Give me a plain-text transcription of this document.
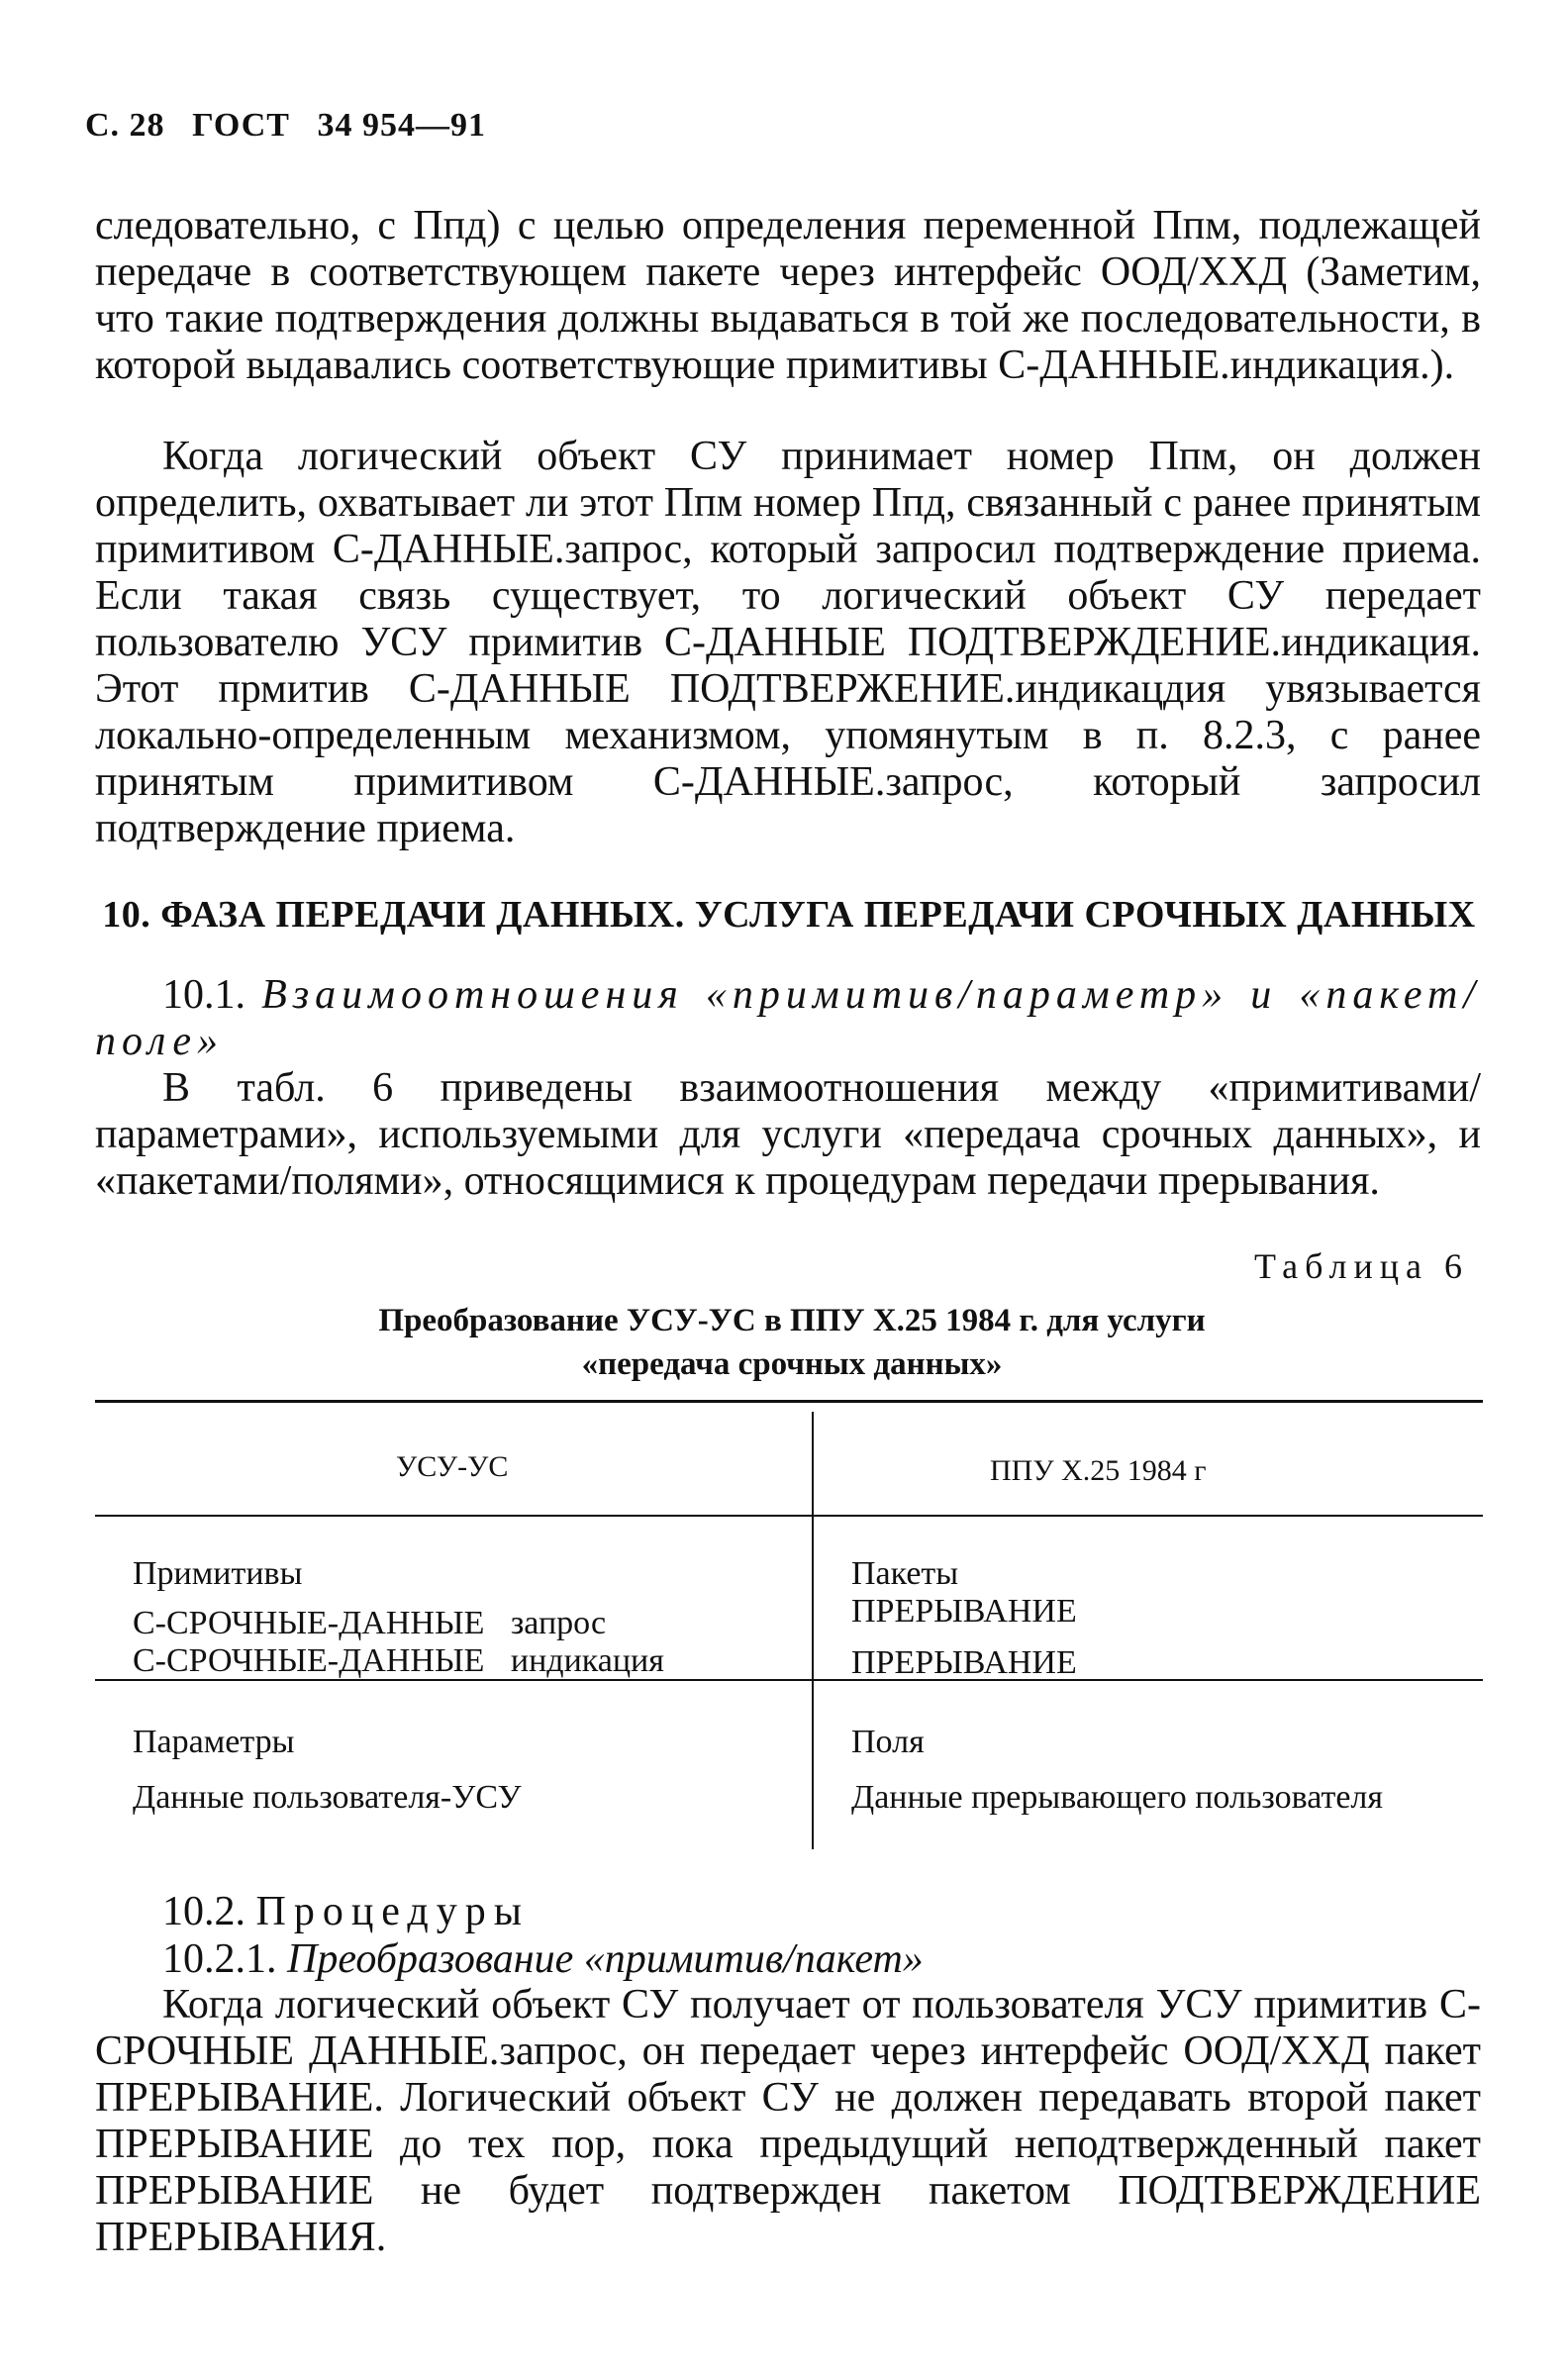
С. 28 ГОСТ 34 954—91
следовательно, с Ппд) с целью определения переменной Ппм, подлежащей передаче в соответствующем пакете через интерфейс ООД/ХХД (Заметим, что такие подтверждения должны выдаваться в той же последовательности, в которой выдавались соответствующие примитивы С-ДАННЫЕ.индикация.).
Когда логический объект СУ принимает номер Ппм, он должен определить, охватывает ли этот Ппм номер Ппд, связанный с ранее принятым примитивом С-ДАННЫЕ.запрос, который запросил подтверждение приема. Если такая связь существует, то логический объект СУ передает пользователю УСУ примитив С-ДАННЫЕ ПОДТВЕРЖДЕНИЕ.индикация. Этот прмитив С-ДАННЫЕ ПОДТВЕРЖЕНИЕ.индикацдия увязывается локально-определенным механизмом, упомянутым в п. 8.2.3, с ранее принятым примитивом С-ДАННЫЕ.запрос, который запросил подтверждение приема.
10. ФАЗА ПЕРЕДАЧИ ДАННЫХ. УСЛУГА ПЕРЕДАЧИ СРОЧНЫХ ДАННЫХ
10.1. Взаимоотношения «примитив/параметр» и «пакет/поле»
В табл. 6 приведены взаимоотношения между «примитивами/параметрами», используемыми для услуги «передача срочных данных», и «пакетами/полями», относящимися к процедурам передачи прерывания.
Таблица 6
Преобразование УСУ-УС в ППУ Х.25 1984 г. для услуги
«передача срочных данных»
УСУ-УС	ППУ Х.25 1984 г
Примитивы
С-СРОЧНЫЕ-ДАННЫЕ запрос
С-СРОЧНЫЕ-ДАННЫЕ индикация
Пакеты
ПРЕРЫВАНИЕ
ПРЕРЫВАНИЕ
Параметры
Данные пользователя-УСУ
Поля
Данные прерывающего пользователя
10.2. Процедуры
10.2.1. Преобразование «примитив/пакет»
Когда логический объект СУ получает от пользователя УСУ примитив С-СРОЧНЫЕ ДАННЫЕ.запрос, он передает через интерфейс ООД/ХХД пакет ПРЕРЫВАНИЕ. Логический объект СУ не должен передавать второй пакет ПРЕРЫВАНИЕ до тех пор, пока предыдущий неподтвержденный пакет ПРЕРЫВАНИЕ не будет подтвержден пакетом ПОДТВЕРЖДЕНИЕ ПРЕРЫВАНИЯ.
